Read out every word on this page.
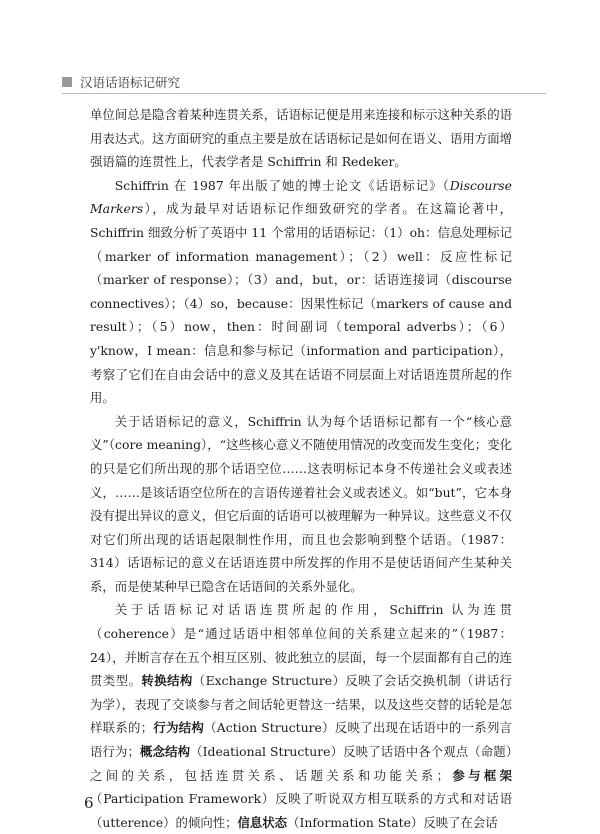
汉语话语标记研究

单位间总是隐含着某种连贯关系，话语标记便是用来连接和标示这种关系的语用表达式。这方面研究的重点主要是放在话语标记是如何在语义、语用方面增强语篇的连贯性上，代表学者是 Schiffrin 和 Redeker。

Schiffrin 在 1987 年出版了她的博士论文《话语标记》（Discourse Markers），成为最早对话语标记作细致研究的学者。在这篇论著中，Schiffrin 细致分析了英语中 11 个常用的话语标记：（1）oh：信息处理标记（marker of information management）；（2）well：反应性标记（marker of response）；（3）and，but，or：话语连接词（discourse connectives）；（4）so，because：因果性标记（markers of cause and result）；（5）now，then：时间副词（temporal adverbs）；（6）y'know，I mean：信息和参与标记（information and participation），考察了它们在自由会话中的意义及其在话语不同层面上对话语连贯所起的作用。

关于话语标记的意义，Schiffrin 认为每个话语标记都有一个“核心意义”（core meaning），“这些核心意义不随使用情况的改变而发生变化；变化的只是它们所出现的那个话语空位……这表明标记本身不传递社会义或表述义，……是该话语空位所在的言语传递着社会义或表述义。如“but”，它本身没有提出异议的意义，但它后面的话语可以被理解为一种异议。这些意义不仅对它们所出现的话语起限制性作用，而且也会影响到整个话语。（1987：314）话语标记的意义在话语连贯中所发挥的作用不是使话语间产生某种关系，而是使某种早已隐含在话语间的关系外显化。

关于话语标记对话语连贯所起的作用，Schiffrin 认为连贯（coherence）是“通过话语中相邻单位间的关系建立起来的”（1987：24），并断言存在五个相互区别、彼此独立的层面，每一个层面都有自己的连贯类型。转换结构（Exchange Structure）反映了会话交换机制（讲话行为学），表现了交谈参与者之间话轮更替这一结果，以及这些交替的话轮是怎样联系的；行为结构（Action Structure）反映了出现在话语中的一系列言语行为；概念结构（Ideational Structure）反映了话语中各个观点（命题）之间的关系，包括连贯关系、话题关系和功能关系；参与框架（Participation Framework）反映了听说双方相互联系的方式和对话语（utterence）的倾向性；信息状态（Information State）反映了在会话

6
